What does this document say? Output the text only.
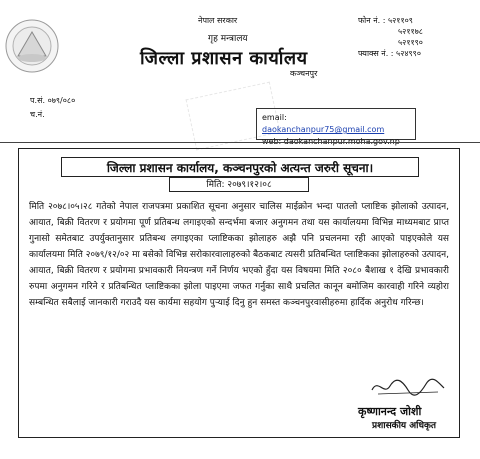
नेपाल सरकार
गृह मन्त्रालय
जिल्ला प्रशासन कार्यालय
कञ्चनपुर
फोन नं. : ५२११०९
५२११७८
५२११९०
फ्याक्स नं. : ५२४९९०
प.सं. ०७९/०८०
च.नं.	email: daokanchanpur75@gmail.com
जिल्ला प्रशासन कार्यालय, कञ्चनपुरको अत्यन्त जरुरी सूचना।
मिति: २०७९।१२।०८
मिति २०७८।०५।२८ गतेको नेपाल राजपत्रमा प्रकाशित सूचना अनुसार चालिस माईक्रोन भन्दा पातलो प्लाष्टिक झोलाको उत्पादन, आयात, बिक्री वितरण र प्रयोगमा पूर्ण प्रतिबन्ध लगाइएको सन्दर्भमा बजार अनुगमन तथा यस कार्यालयमा विभिन्न माध्यमबाट प्राप्त गुनासो समेतबाट उपर्युक्तानुसार प्रतिबन्ध लगाइएका प्लाष्टिकका झोलाहरु अझै पनि प्रचलनमा रही आएको पाइएकोले यस कार्यालयमा मिति २०७९/१२/०२ मा बसेको विभिन्न सरोकारवालाहरुको बैठकबाट त्यसरी प्रतिबन्धित प्लाष्टिकका झोलाहरुको उत्पादन, आयात, बिक्री वितरण र प्रयोगमा प्रभावकारी नियन्त्रण गर्ने निर्णय भएको हुँदा यस विषयमा मिति २०८० बैशाख १ देखि प्रभावकारी रुपमा अनुगमन गरिने र प्रतिबन्धित प्लाष्टिकका झोला पाइएमा जफत गर्नुका साथै प्रचलित कानून बमोजिम कारवाही गरिने व्यहोरा सम्बन्धित सबैलाई जानकारी गराउदै यस कार्यमा सहयोग पुऱ्याई दिनु हुन समस्त कञ्चनपुरवासीहरुमा हार्दिक अनुरोध गरिन्छ।
कृष्णानन्द जोशी
प्रशासकीय अधिकृत
